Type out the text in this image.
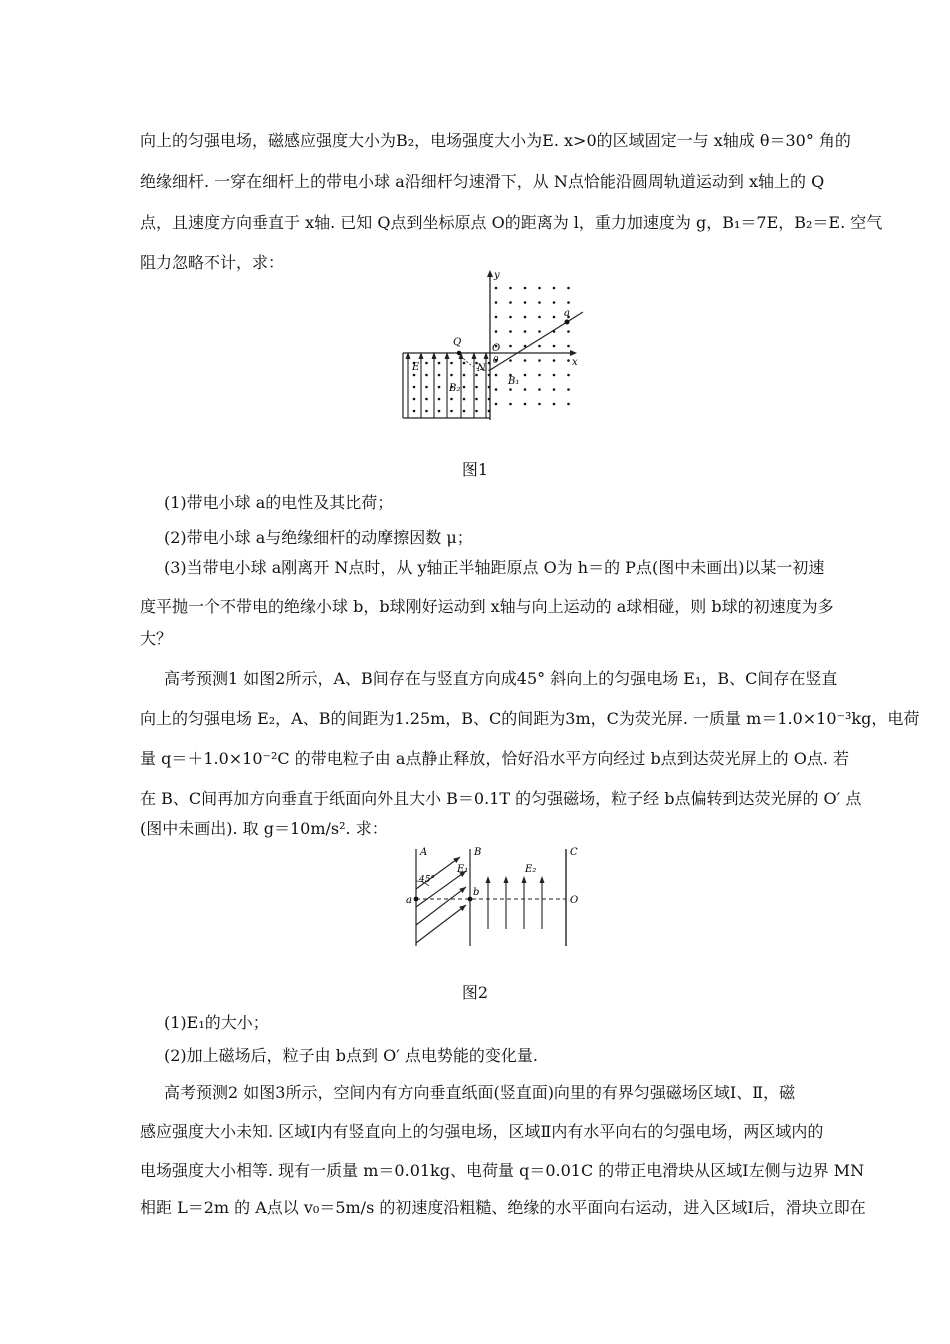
向上的匀强电场，磁感应强度大小为B₂，电场强度大小为E. x>0的区域固定一与 x轴成 θ＝30° 角的
绝缘细杆. 一穿在细杆上的带电小球 a沿细杆匀速滑下，从 N点恰能沿圆周轨道运动到 x轴上的 Q
点，且速度方向垂直于 x轴. 已知 Q点到坐标原点 O的距离为 l，重力加速度为 g，B₁＝7E，B₂＝E. 空气
阻力忽略不计，求：
y
x
a
Q
O
θ
N
E
B₁
B₂
图1
(1)带电小球 a的电性及其比荷；
(2)带电小球 a与绝缘细杆的动摩擦因数 μ；
(3)当带电小球 a刚离开 N点时，从 y轴正半轴距原点 O为 h＝的 P点(图中未画出)以某一初速
度平抛一个不带电的绝缘小球 b，b球刚好运动到 x轴与向上运动的 a球相碰，则 b球的初速度为多
大？
高考预测1 如图2所示，A、B间存在与竖直方向成45° 斜向上的匀强电场 E₁，B、C间存在竖直
向上的匀强电场 E₂，A、B的间距为1.25m，B、C的间距为3m，C为荧光屏. 一质量 m＝1.0×10⁻³kg，电荷
量 q＝＋1.0×10⁻²C 的带电粒子由 a点静止释放，恰好沿水平方向经过 b点到达荧光屏上的 O点. 若
在 B、C间再加方向垂直于纸面向外且大小 B＝0.1T 的匀强磁场，粒子经 b点偏转到达荧光屏的 O′ 点
(图中未画出). 取 g＝10m/s². 求：
A	B	C
45°
E₁	E₂
a
b
O
图2
(1)E₁的大小；
(2)加上磁场后，粒子由 b点到 O′ 点电势能的变化量.
高考预测2 如图3所示，空间内有方向垂直纸面(竖直面)向里的有界匀强磁场区域Ⅰ、Ⅱ，磁
感应强度大小未知. 区域Ⅰ内有竖直向上的匀强电场，区域Ⅱ内有水平向右的匀强电场，两区域内的
电场强度大小相等. 现有一质量 m＝0.01kg、电荷量 q＝0.01C 的带正电滑块从区域Ⅰ左侧与边界 MN
相距 L＝2m 的 A点以 v₀＝5m/s 的初速度沿粗糙、绝缘的水平面向右运动，进入区域Ⅰ后，滑块立即在
